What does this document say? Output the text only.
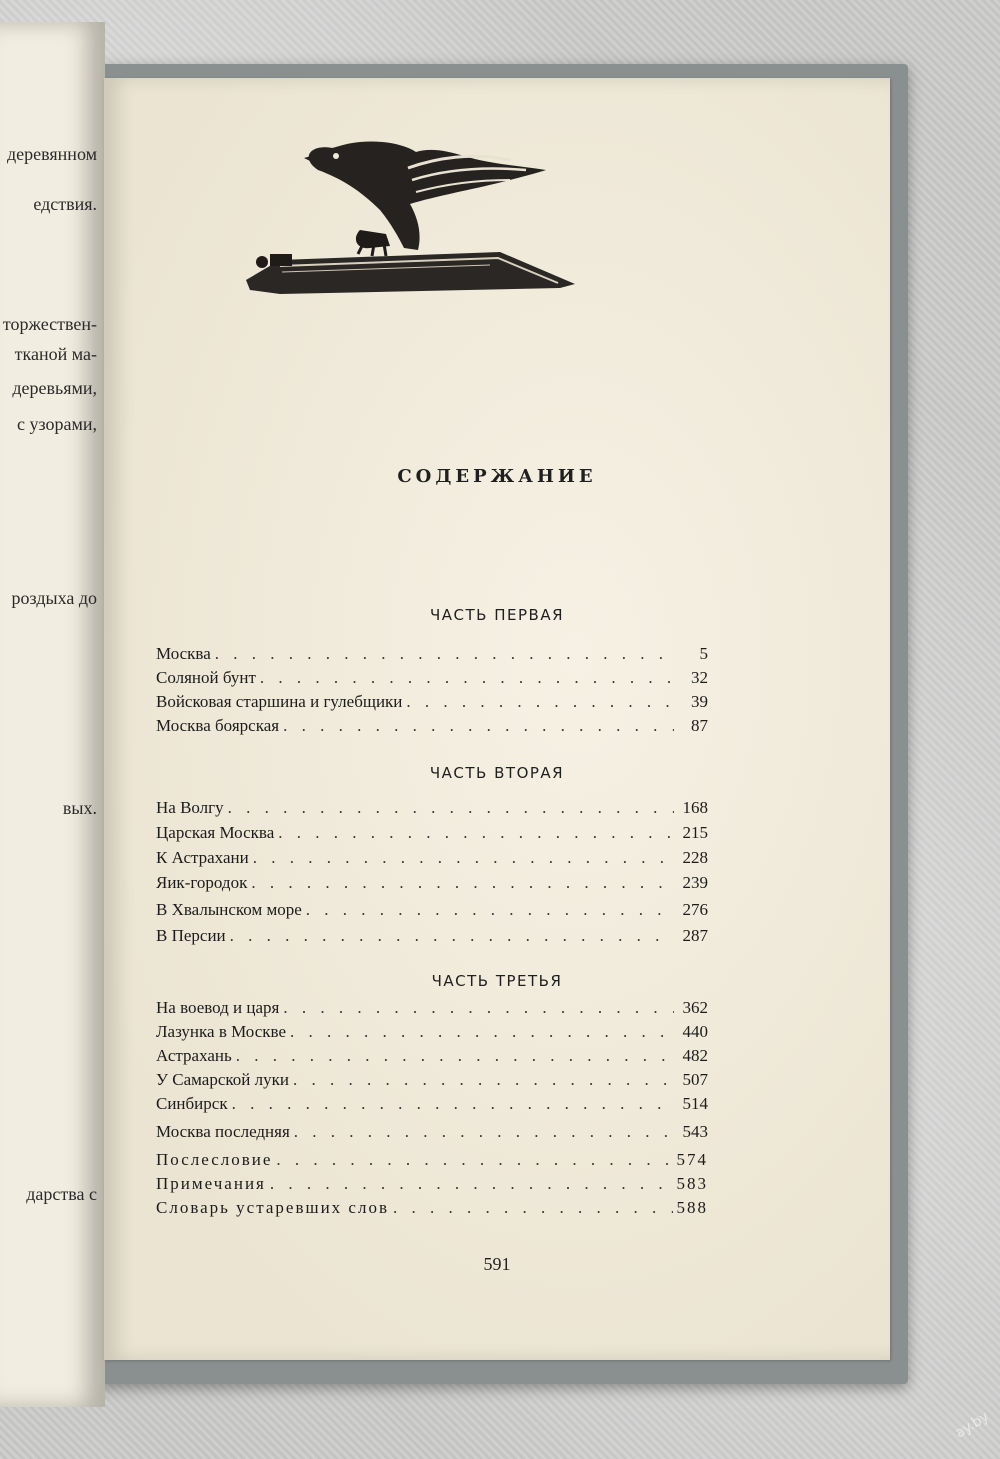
деревянном
едствия.
торжествен-
тканой ма-
деревьями,
с узорами,
роздыха до
вых.
дарства с
СОДЕРЖАНИЕ
ЧАСТЬ ПЕРВАЯ
Москва . . .	5
Соляной бунт . . .	32
Войсковая старшина и гулебщики . . .	39
Москва боярская . . .	87
ЧАСТЬ ВТОРАЯ
На Волгу . . .	168
Царская Москва . . .	215
К Астрахани . . .	228
Яик-городок . . .	239
В Хвалынском море . . .	276
В Персии . . .	287
ЧАСТЬ ТРЕТЬЯ
На воевод и царя . . .	362
Лазунка в Москве . . .	440
Астрахань . . .	482
У Самарской луки . . .	507
Синбирск . . .	514
Москва последняя . . .	543
Послесловие . . .	574
Примечания . . .	583
Словарь устаревших слов . . .	588
591
ay.by
